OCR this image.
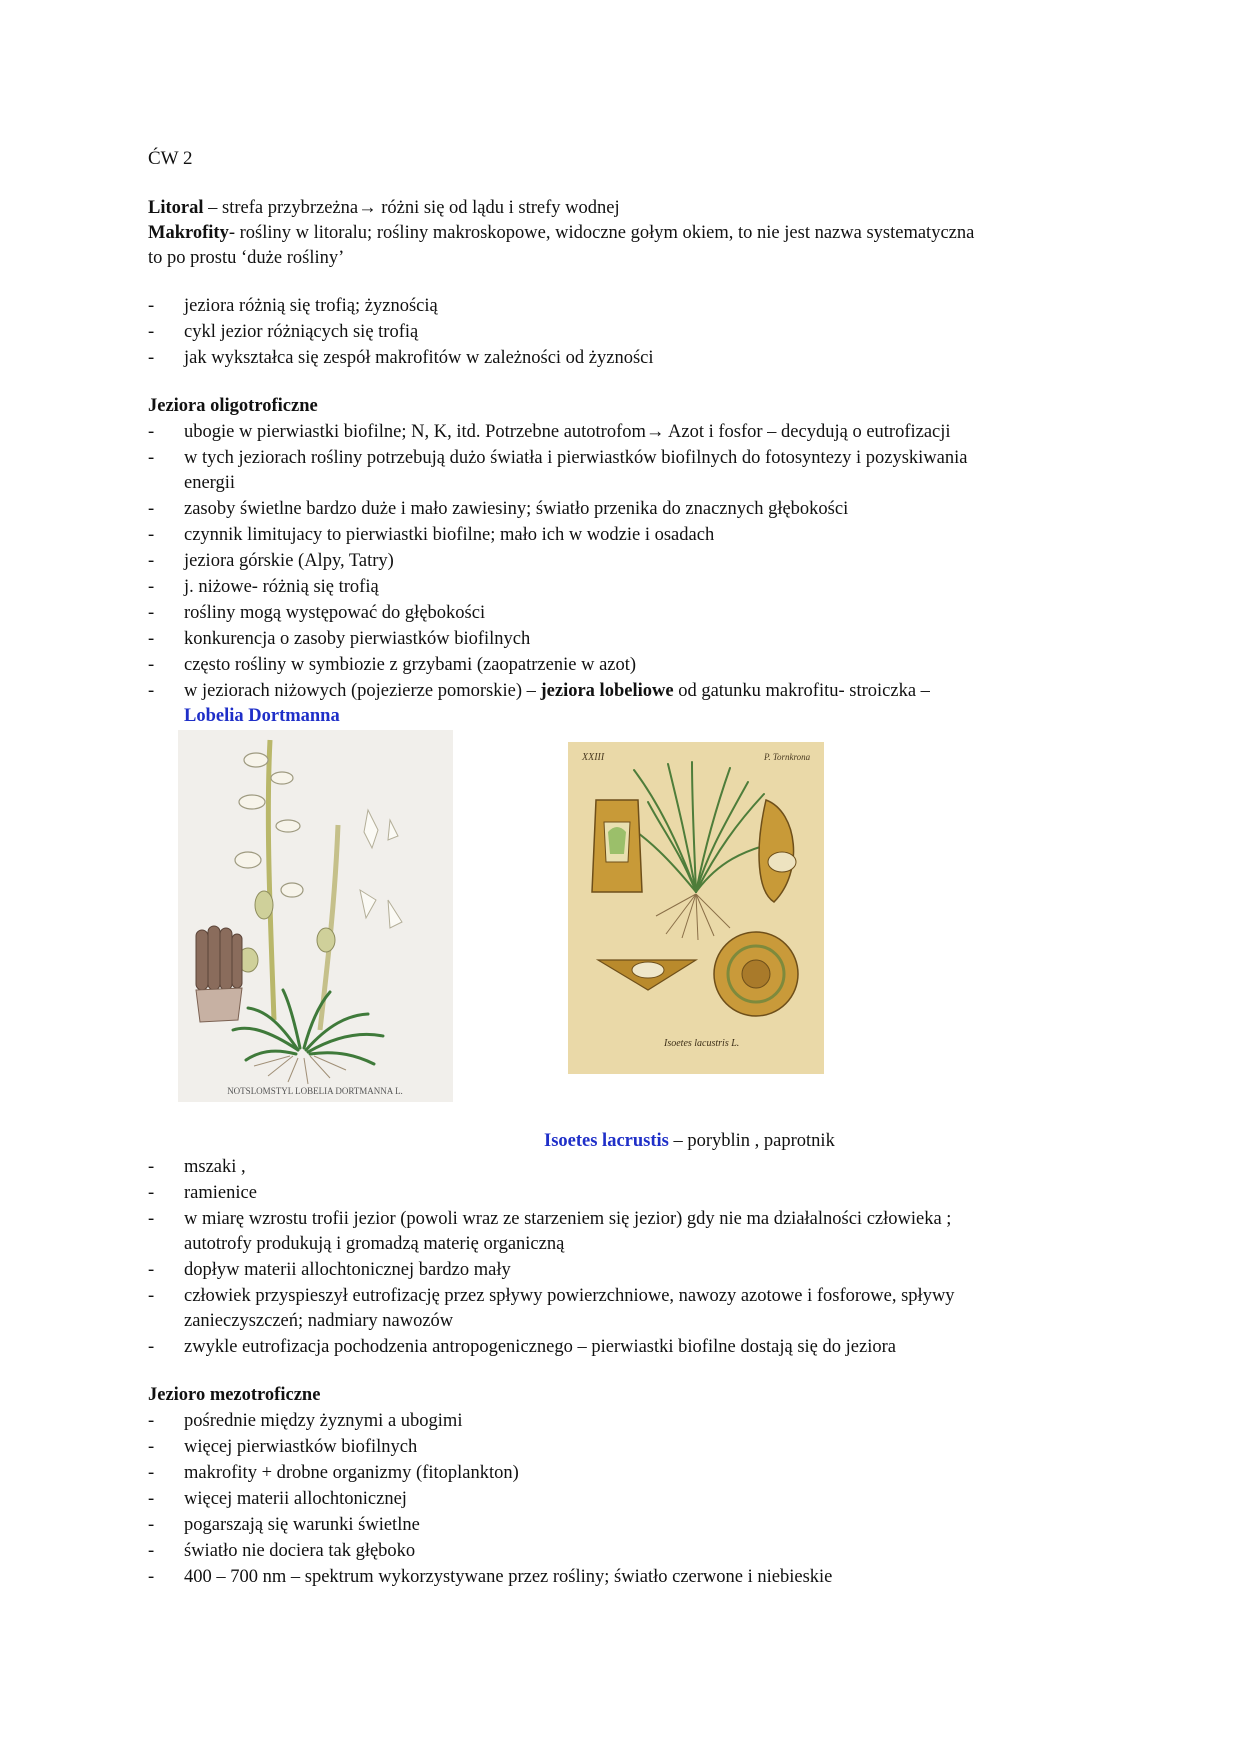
ĆW 2
Litoral – strefa przybrzeżna→ różni się od lądu i strefy wodnej
Makrofity- rośliny w litoralu; rośliny makroskopowe, widoczne gołym okiem, to nie jest nazwa systematyczna
to po prostu ‘duże rośliny’
- jeziora różnią się trofią; żyznością
- cykl jezior różniących się trofią
- jak wykształca się zespół makrofitów w zależności od żyzności
Jeziora oligotroficzne
- ubogie w pierwiastki biofilne; N, K, itd. Potrzebne autotrofom→ Azot i fosfor – decydują o eutrofizacji
- w tych jeziorach rośliny potrzebują dużo światła i pierwiastków biofilnych do fotosyntezy i pozyskiwania
energii
- zasoby świetlne bardzo duże i mało zawiesiny; światło przenika do znacznych głębokości
- czynnik limitujacy to pierwiastki biofilne; mało ich w wodzie i osadach
- jeziora górskie (Alpy, Tatry)
- j. niżowe- różnią się trofią
- rośliny mogą występować do głębokości
- konkurencja o zasoby pierwiastków biofilnych
- często rośliny w symbiozie z grzybami (zaopatrzenie w azot)
- w jeziorach niżowych (pojezierze pomorskie) – jeziora lobeliowe od gatunku makrofitu- stroiczka –
Lobelia Dortmanna
NOTSLOMSTYL LOBELIA DORTMANNA L.
XXIII	P. Tornkrona
Isoetes lacustris L.
Isoetes lacrustis – poryblin , paprotnik
- mszaki ,
- ramienice
- w miarę wzrostu trofii jezior (powoli wraz ze starzeniem się jezior) gdy nie ma działalności człowieka ;
autotrofy produkują i gromadzą materię organiczną
- dopływ materii allochtonicznej bardzo mały
- człowiek przyspieszył eutrofizację przez spływy powierzchniowe, nawozy azotowe i fosforowe, spływy
zanieczyszczeń; nadmiary nawozów
- zwykle eutrofizacja pochodzenia antropogenicznego – pierwiastki biofilne dostają się do jeziora
Jezioro mezotroficzne
- pośrednie między żyznymi a ubogimi
- więcej pierwiastków biofilnych
- makrofity + drobne organizmy (fitoplankton)
- więcej materii allochtonicznej
- pogarszają się warunki świetlne
- światło nie dociera tak głęboko
- 400 – 700 nm – spektrum wykorzystywane przez rośliny; światło czerwone i niebieskie
